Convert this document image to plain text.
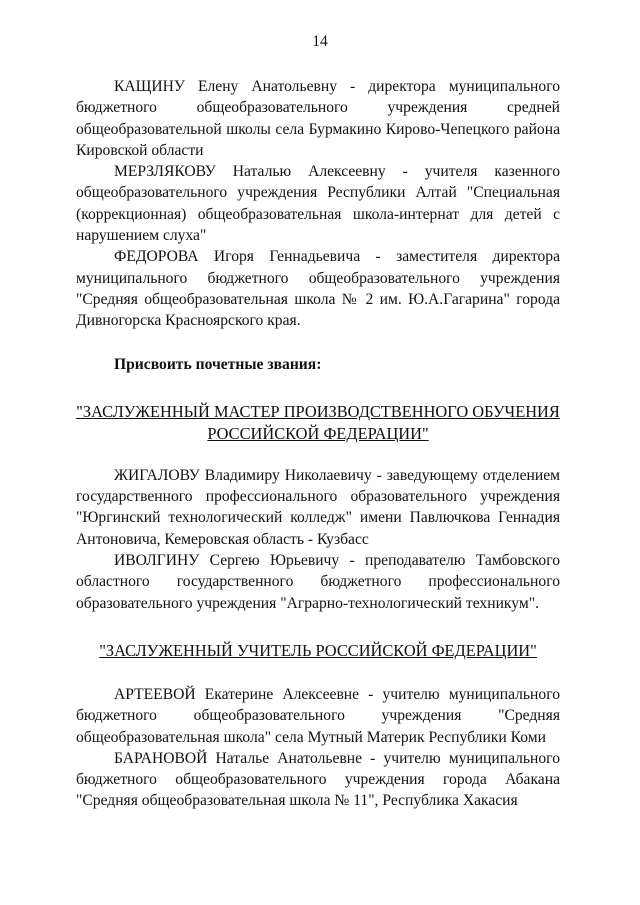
14

КАЩИНУ Елену Анатольевну - директора муниципального бюджетного общеобразовательного учреждения средней общеобразовательной школы села Бурмакино Кирово-Чепецкого района Кировской области

МЕРЗЛЯКОВУ Наталью Алексеевну - учителя казенного общеобразовательного учреждения Республики Алтай "Специальная (коррекционная) общеобразовательная школа-интернат для детей с нарушением слуха"

ФЕДОРОВА Игоря Геннадьевича - заместителя директора муниципального бюджетного общеобразовательного учреждения "Средняя общеобразовательная школа № 2 им. Ю.А.Гагарина" города Дивногорска Красноярского края.

Присвоить почетные звания:

"ЗАСЛУЖЕННЫЙ МАСТЕР ПРОИЗВОДСТВЕННОГО ОБУЧЕНИЯ РОССИЙСКОЙ ФЕДЕРАЦИИ"

ЖИГАЛОВУ Владимиру Николаевичу - заведующему отделением государственного профессионального образовательного учреждения "Юргинский технологический колледж" имени Павлючкова Геннадия Антоновича, Кемеровская область - Кузбасс

ИВОЛГИНУ Сергею Юрьевичу - преподавателю Тамбовского областного государственного бюджетного профессионального образовательного учреждения "Аграрно-технологический техникум".

"ЗАСЛУЖЕННЫЙ УЧИТЕЛЬ РОССИЙСКОЙ ФЕДЕРАЦИИ"

АРТЕЕВОЙ Екатерине Алексеевне - учителю муниципального бюджетного общеобразовательного учреждения "Средняя общеобразовательная школа" села Мутный Материк Республики Коми

БАРАНОВОЙ Наталье Анатольевне - учителю муниципального бюджетного общеобразовательного учреждения города Абакана "Средняя общеобразовательная школа № 11", Республика Хакасия
